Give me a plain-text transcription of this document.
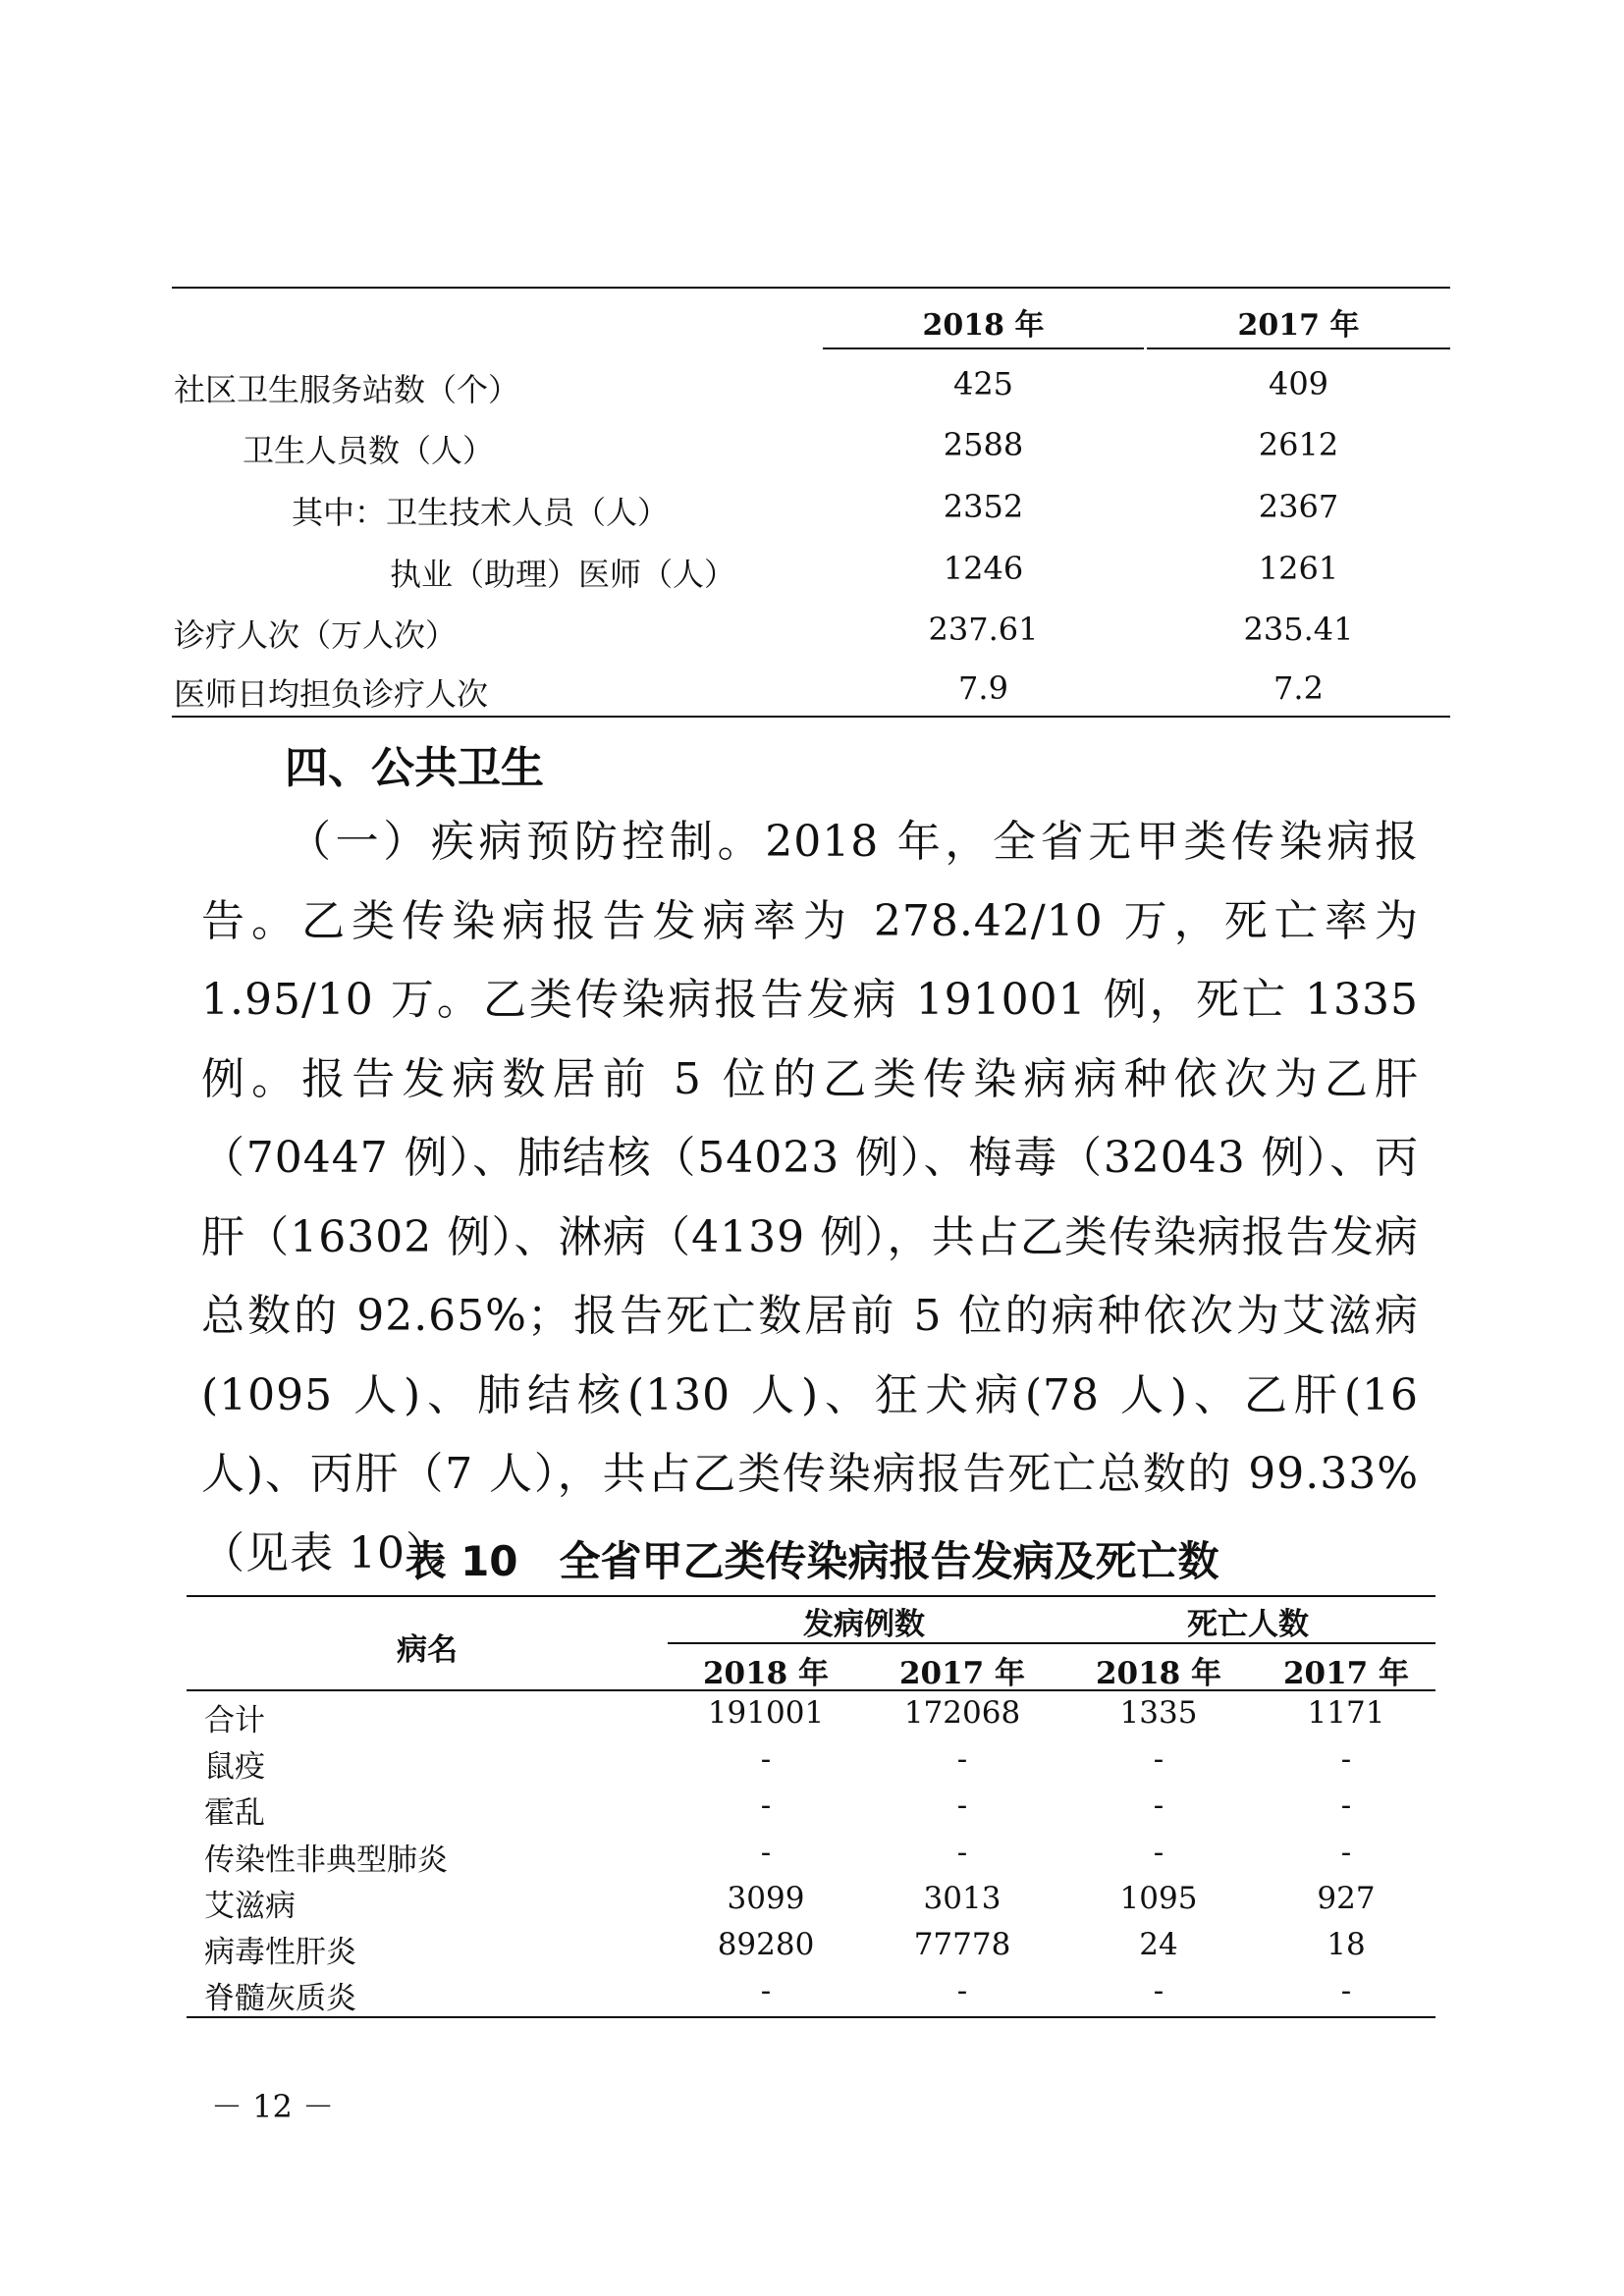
2018 年	2017 年
社区卫生服务站数（个）	425	409
卫生人员数（人）	2588	2612
其中：卫生技术人员（人）	2352	2367
执业（助理）医师（人）	1246	1261
诊疗人次（万人次）	237.61	235.41
医师日均担负诊疗人次	7.9	7.2
四、公共卫生
（一）疾病预防控制。2018 年，全省无甲类传染病报告。乙类传染病报告发病率为 278.42/10 万，死亡率为 1.95/10 万。乙类传染病报告发病 191001 例，死亡 1335 例。报告发病数居前 5 位的乙类传染病病种依次为乙肝（70447 例）、肺结核（54023 例）、梅毒（32043 例）、丙肝（16302 例）、淋病（4139 例），共占乙类传染病报告发病总数的 92.65%；报告死亡数居前 5 位的病种依次为艾滋病(1095 人)、肺结核(130 人)、狂犬病(78 人)、乙肝(16 人)、丙肝（7 人），共占乙类传染病报告死亡总数的 99.33%（见表 10）。
表 10　全省甲乙类传染病报告发病及死亡数
病名
发病例数	死亡人数
2018 年	2017 年	2018 年	2017 年
合计	191001	172068	1335	1171
鼠疫	-	-	-	-
霍乱	-	-	-	-
传染性非典型肺炎	-	-	-	-
艾滋病	3099	3013	1095	927
病毒性肝炎	89280	77778	24	18
脊髓灰质炎	-	-	-	-
－ 12 －
